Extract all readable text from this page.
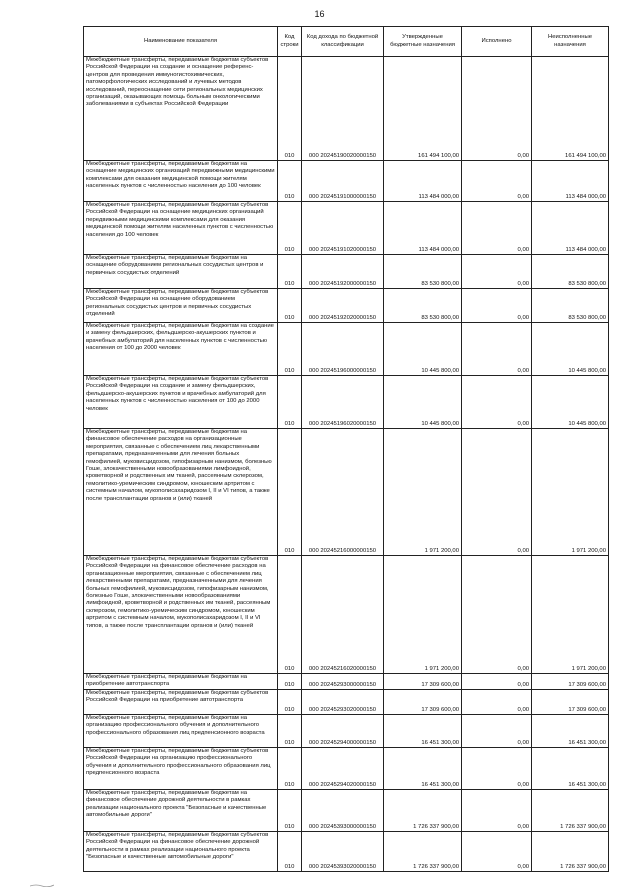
16
Наименование показателя	Код строки	Код дохода по бюджетной классификации	Утвержденные бюджетные назначения	Исполнено	Неисполненные назначения
Межбюджетные трансферты, передаваемые бюджетам субъектов Российской Федерации на создание и оснащение референс-центров для проведения иммуногистохимических, патоморфологических исследований и лучевых методов исследований, переоснащение сети региональных медицинских организаций, оказывающих помощь больным онкологическими заболеваниями в субъектах Российской Федерации	010	000 20245190020000150	161 494 100,00	0,00	161 494 100,00
Межбюджетные трансферты, передаваемые бюджетам на оснащение медицинских организаций передвижными медицинскими комплексами для оказания медицинской помощи жителям населенных пунктов с численностью населения до 100 человек	010	000 20245191000000150	113 484 000,00	0,00	113 484 000,00
Межбюджетные трансферты, передаваемые бюджетам субъектов Российской Федерации на оснащение медицинских организаций передвижными медицинскими комплексами для оказания медицинской помощи жителям населенных пунктов с численностью населения до 100 человек	010	000 20245191020000150	113 484 000,00	0,00	113 484 000,00
Межбюджетные трансферты, передаваемые бюджетам на оснащение оборудованием региональных сосудистых центров и первичных сосудистых отделений	010	000 20245192000000150	83 530 800,00	0,00	83 530 800,00
Межбюджетные трансферты, передаваемые бюджетам субъектов Российской Федерации на оснащение оборудованием региональных сосудистых центров и первичных сосудистых отделений	010	000 20245192020000150	83 530 800,00	0,00	83 530 800,00
Межбюджетные трансферты, передаваемые бюджетам на создание и замену фельдшерских, фельдшерско-акушерских пунктов и врачебных амбулаторий для населенных пунктов с численностью населения от 100 до 2000 человек	010	000 20245196000000150	10 445 800,00	0,00	10 445 800,00
Межбюджетные трансферты, передаваемые бюджетам субъектов Российской Федерации на создание и замену фельдшерских, фельдшерско-акушерских пунктов и врачебных амбулаторий для населенных пунктов с численностью населения от 100 до 2000 человек	010	000 20245196020000150	10 445 800,00	0,00	10 445 800,00
Межбюджетные трансферты, передаваемые бюджетам на финансовое обеспечение расходов на организационные мероприятия, связанные с обеспечением лиц лекарственными препаратами, предназначенными для лечения больных гемофилией, муковисцидозом, гипофизарным нанизмом, болезнью Гоше, злокачественными новообразованиями лимфоидной, кроветворной и родственных им тканей, рассеянным склерозом, гемолитико-уремическим синдромом, юношеским артритом с системным началом, мукополисахаридозом I, II и VI типов, а также после трансплантации органов и (или) тканей	010	000 20245216000000150	1 971 200,00	0,00	1 971 200,00
Межбюджетные трансферты, передаваемые бюджетам субъектов Российской Федерации на финансовое обеспечение расходов на организационные мероприятия, связанные с обеспечением лиц лекарственными препаратами, предназначенными для лечения больных гемофилией, муковисцидозом, гипофизарным нанизмом, болезнью Гоше, злокачественными новообразованиями лимфоидной, кроветворной и родственных им тканей, рассеянным склерозом, гемолитико-уремическим синдромом, юношеским артритом с системным началом, мукополисахаридозом I, II и VI типов, а также после трансплантации органов и (или) тканей	010	000 20245216020000150	1 971 200,00	0,00	1 971 200,00
Межбюджетные трансферты, передаваемые бюджетам на приобретение автотранспорта	010	000 20245293000000150	17 309 600,00	0,00	17 309 600,00
Межбюджетные трансферты, передаваемые бюджетам субъектов Российской Федерации на приобретение автотранспорта	010	000 20245293020000150	17 309 600,00	0,00	17 309 600,00
Межбюджетные трансферты, передаваемые бюджетам на организацию профессионального обучения и дополнительного профессионального образования лиц предпенсионного возраста	010	000 20245294000000150	16 451 300,00	0,00	16 451 300,00
Межбюджетные трансферты, передаваемые бюджетам субъектов Российской Федерации на организацию профессионального обучения и дополнительного профессионального образования лиц предпенсионного возраста	010	000 20245294020000150	16 451 300,00	0,00	16 451 300,00
Межбюджетные трансферты, передаваемые бюджетам на финансовое обеспечение дорожной деятельности в рамках реализации национального проекта "Безопасные и качественные автомобильные дороги"	010	000 20245393000000150	1 726 337 900,00	0,00	1 726 337 900,00
Межбюджетные трансферты, передаваемые бюджетам субъектов Российской Федерации на финансовое обеспечение дорожной деятельности в рамках реализации национального проекта "Безопасные и качественные автомобильные дороги"	010	000 20245393020000150	1 726 337 900,00	0,00	1 726 337 900,00
